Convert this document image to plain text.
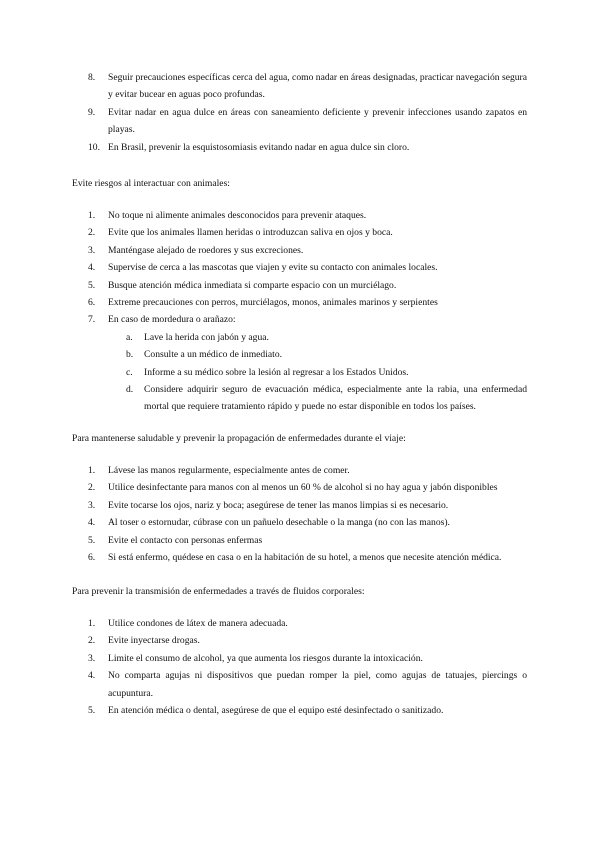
8. Seguir precauciones específicas cerca del agua, como nadar en áreas designadas, practicar navegación segura y evitar bucear en aguas poco profundas.
9. Evitar nadar en agua dulce en áreas con saneamiento deficiente y prevenir infecciones usando zapatos en playas.
10. En Brasil, prevenir la esquistosomiasis evitando nadar en agua dulce sin cloro.
Evite riesgos al interactuar con animales:
1. No toque ni alimente animales desconocidos para prevenir ataques.
2. Evite que los animales llamen heridas o introduzcan saliva en ojos y boca.
3. Manténgase alejado de roedores y sus excreciones.
4. Supervise de cerca a las mascotas que viajen y evite su contacto con animales locales.
5. Busque atención médica inmediata si comparte espacio con un murciélago.
6. Extreme precauciones con perros, murciélagos, monos, animales marinos y serpientes
7. En caso de mordedura o arañazo:
a. Lave la herida con jabón y agua.
b. Consulte a un médico de inmediato.
c. Informe a su médico sobre la lesión al regresar a los Estados Unidos.
d. Considere adquirir seguro de evacuación médica, especialmente ante la rabia, una enfermedad mortal que requiere tratamiento rápido y puede no estar disponible en todos los países.
Para mantenerse saludable y prevenir la propagación de enfermedades durante el viaje:
1. Lávese las manos regularmente, especialmente antes de comer.
2. Utilice desinfectante para manos con al menos un 60 % de alcohol si no hay agua y jabón disponibles
3. Evite tocarse los ojos, nariz y boca; asegúrese de tener las manos limpias si es necesario.
4. Al toser o estornudar, cúbrase con un pañuelo desechable o la manga (no con las manos).
5. Evite el contacto con personas enfermas
6. Si está enfermo, quédese en casa o en la habitación de su hotel, a menos que necesite atención médica.
Para prevenir la transmisión de enfermedades a través de fluidos corporales:
1. Utilice condones de látex de manera adecuada.
2. Evite inyectarse drogas.
3. Limite el consumo de alcohol, ya que aumenta los riesgos durante la intoxicación.
4. No comparta agujas ni dispositivos que puedan romper la piel, como agujas de tatuajes, piercings o acupuntura.
5. En atención médica o dental, asegúrese de que el equipo esté desinfectado o sanitizado.
